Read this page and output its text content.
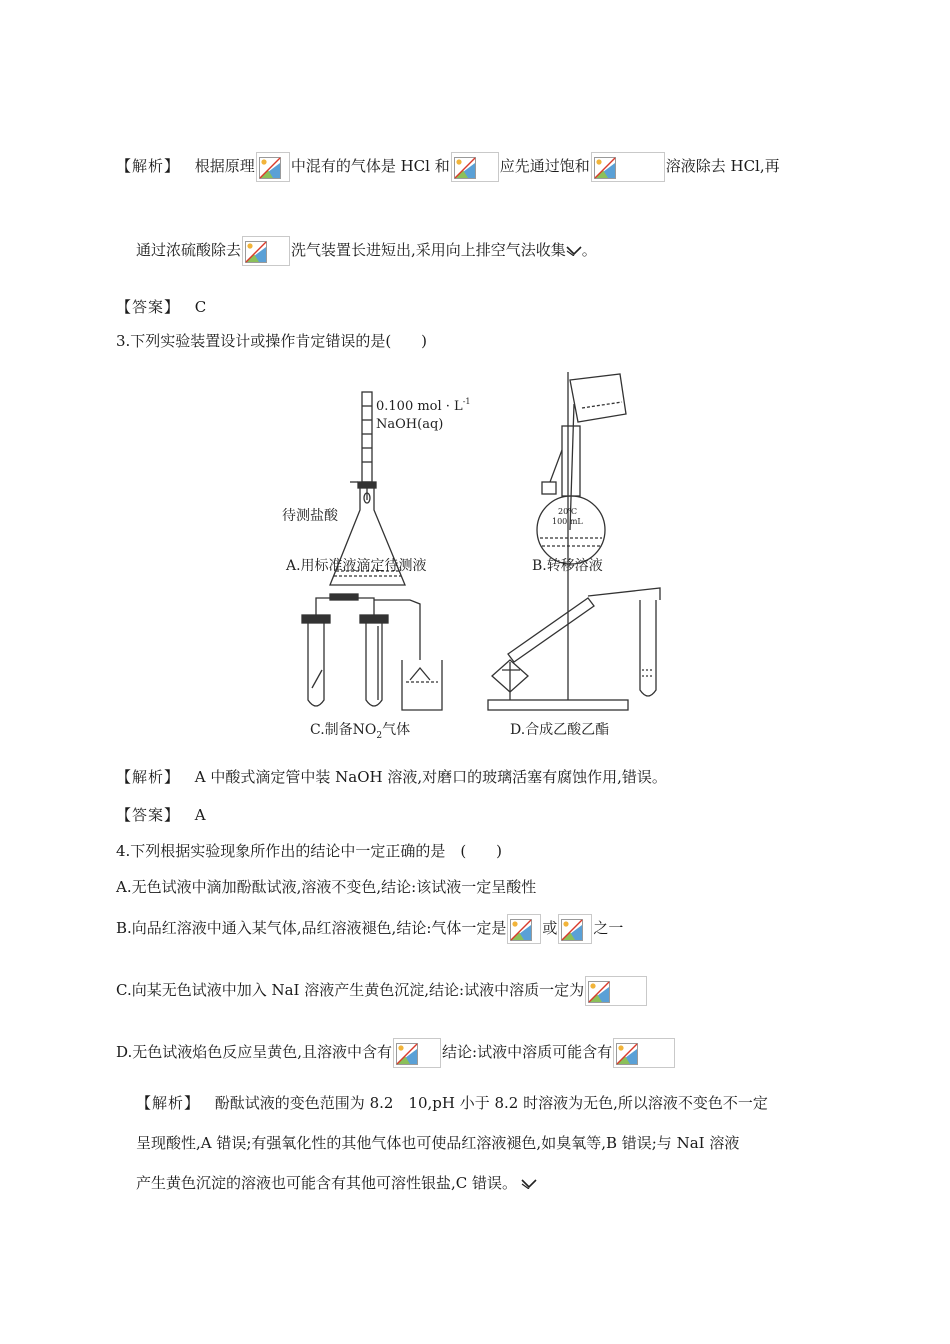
【解析】 根据原理 中混有的气体是 HCl 和	应先通过饱和	溶液除去 HCl,再
通过浓硫酸除去	洗气装置长进短出,采用向上排空气法收集 。
【答案】 C
3.下列实验装置设计或操作肯定错误的是(　　)
0.100 mol · $L^{-1}$
NaOH(aq)
待测盐酸
A.用标准液滴定待测液
20℃
100 mL
B.转移溶液
C.制备$NO_2$气体	D.合成乙酸乙酯
【解析】 A 中酸式滴定管中装 NaOH 溶液,对磨口的玻璃活塞有腐蚀作用,错误。
【答案】 A
4.下列根据实验现象所作出的结论中一定正确的是　(　　)
A.无色试液中滴加酚酞试液,溶液不变色,结论:该试液一定呈酸性
B.向品红溶液中通入某气体,品红溶液褪色,结论:气体一定是 或 之一
C.向某无色试液中加入 NaI 溶液产生黄色沉淀,结论:试液中溶质一定为
D.无色试液焰色反应呈黄色,且溶液中含有	结论:试液中溶质可能含有
【解析】 酚酞试液的变色范围为 8.2　10,pH 小于 8.2 时溶液为无色,所以溶液不变色不一定
呈现酸性,A 错误;有强氧化性的其他气体也可使品红溶液褪色,如臭氧等,B 错误;与 NaI 溶液
产生黄色沉淀的溶液也可能含有其他可溶性银盐,C 错误。
